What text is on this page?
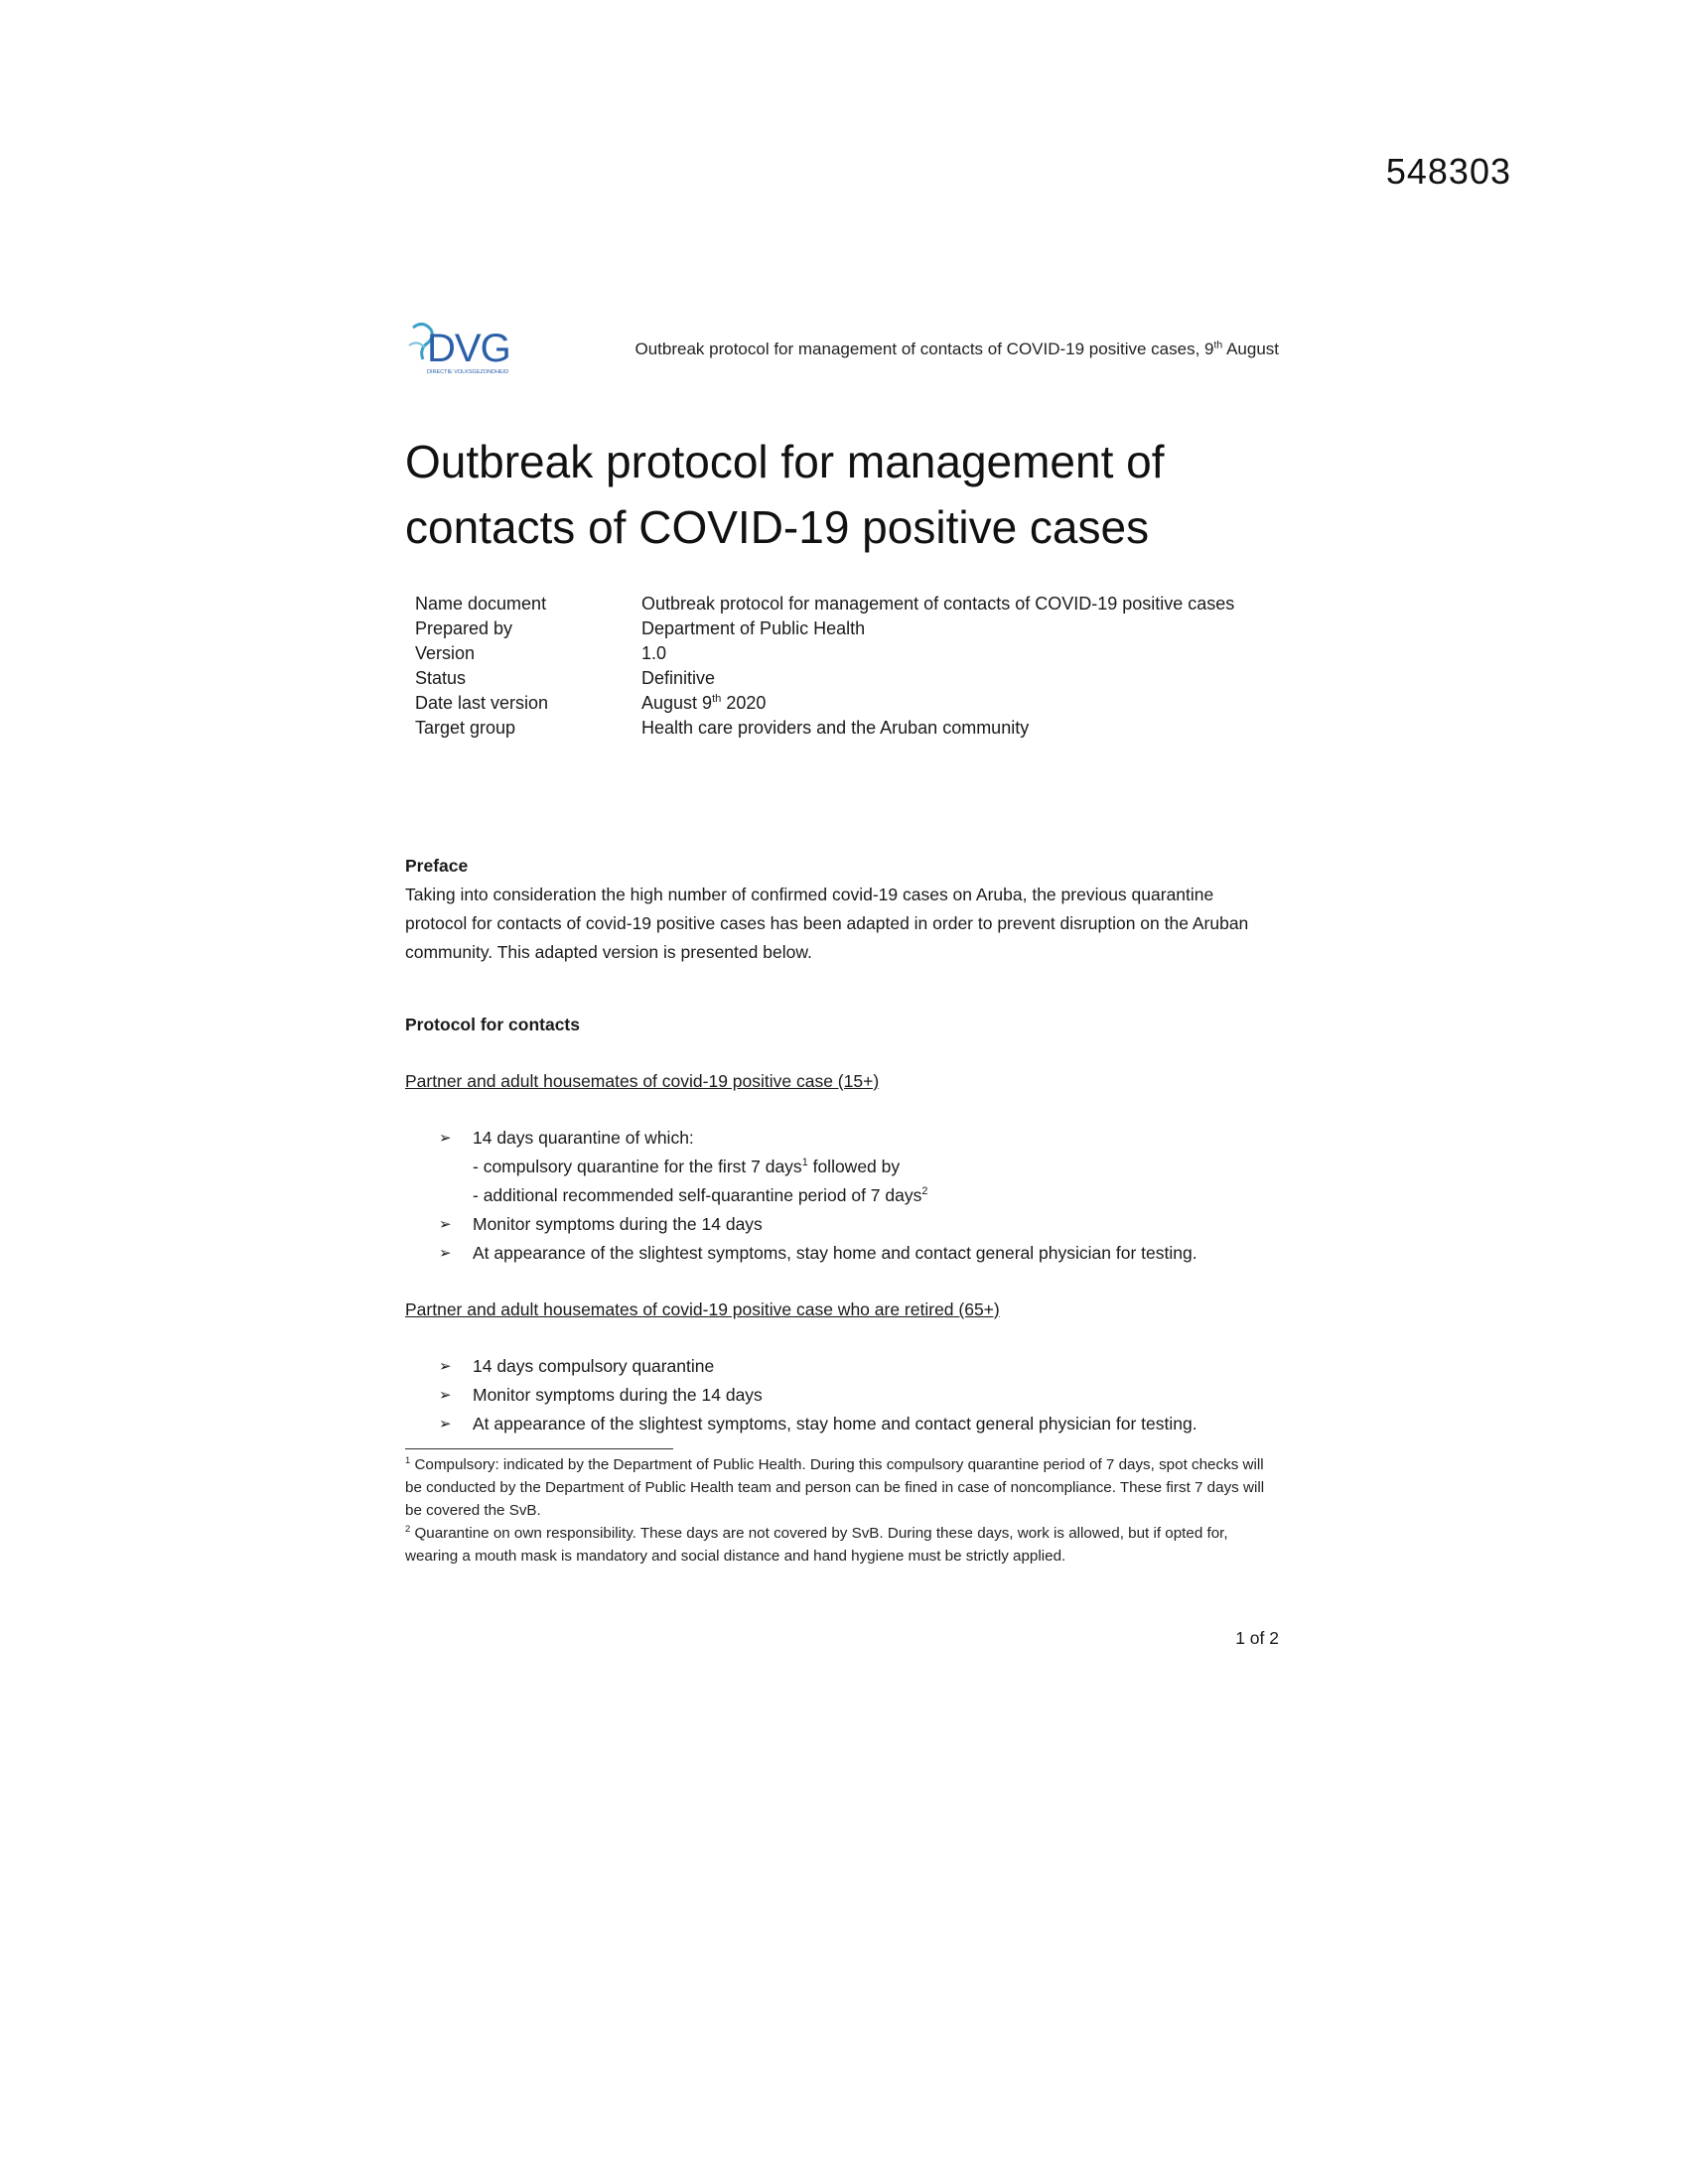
548303
DVG
DIRECTIE VOLKSGEZONDHEID
Outbreak protocol for management of contacts of COVID-19 positive cases, 9th August
Outbreak protocol for management of contacts of COVID-19 positive cases
Name document	Outbreak protocol for management of contacts of COVID-19 positive cases
Prepared by	Department of Public Health
Version	1.0
Status	Definitive
Date last version	August 9th 2020
Target group	Health care providers and the Aruban community

Preface

Taking into consideration the high number of confirmed covid-19 cases on Aruba, the previous quarantine protocol for contacts of covid-19 positive cases has been adapted in order to prevent disruption on the Aruban community. This adapted version is presented below.

Protocol for contacts

Partner and adult housemates of covid-19 positive case (15+)

➢ 14 days quarantine of which:
- compulsory quarantine for the first 7 days$^1$ followed by
- additional recommended self-quarantine period of 7 days$^2$
➢ Monitor symptoms during the 14 days
➢ At appearance of the slightest symptoms, stay home and contact general physician for testing.

Partner and adult housemates of covid-19 positive case who are retired (65+)

➢ 14 days compulsory quarantine
➢ Monitor symptoms during the 14 days
➢ At appearance of the slightest symptoms, stay home and contact general physician for testing.

$^1$ Compulsory: indicated by the Department of Public Health. During this compulsory quarantine period of 7 days, spot checks will be conducted by the Department of Public Health team and person can be fined in case of noncompliance. These first 7 days will be covered the SvB.

$^2$ Quarantine on own responsibility. These days are not covered by SvB. During these days, work is allowed, but if opted for, wearing a mouth mask is mandatory and social distance and hand hygiene must be strictly applied.

1 of 2
